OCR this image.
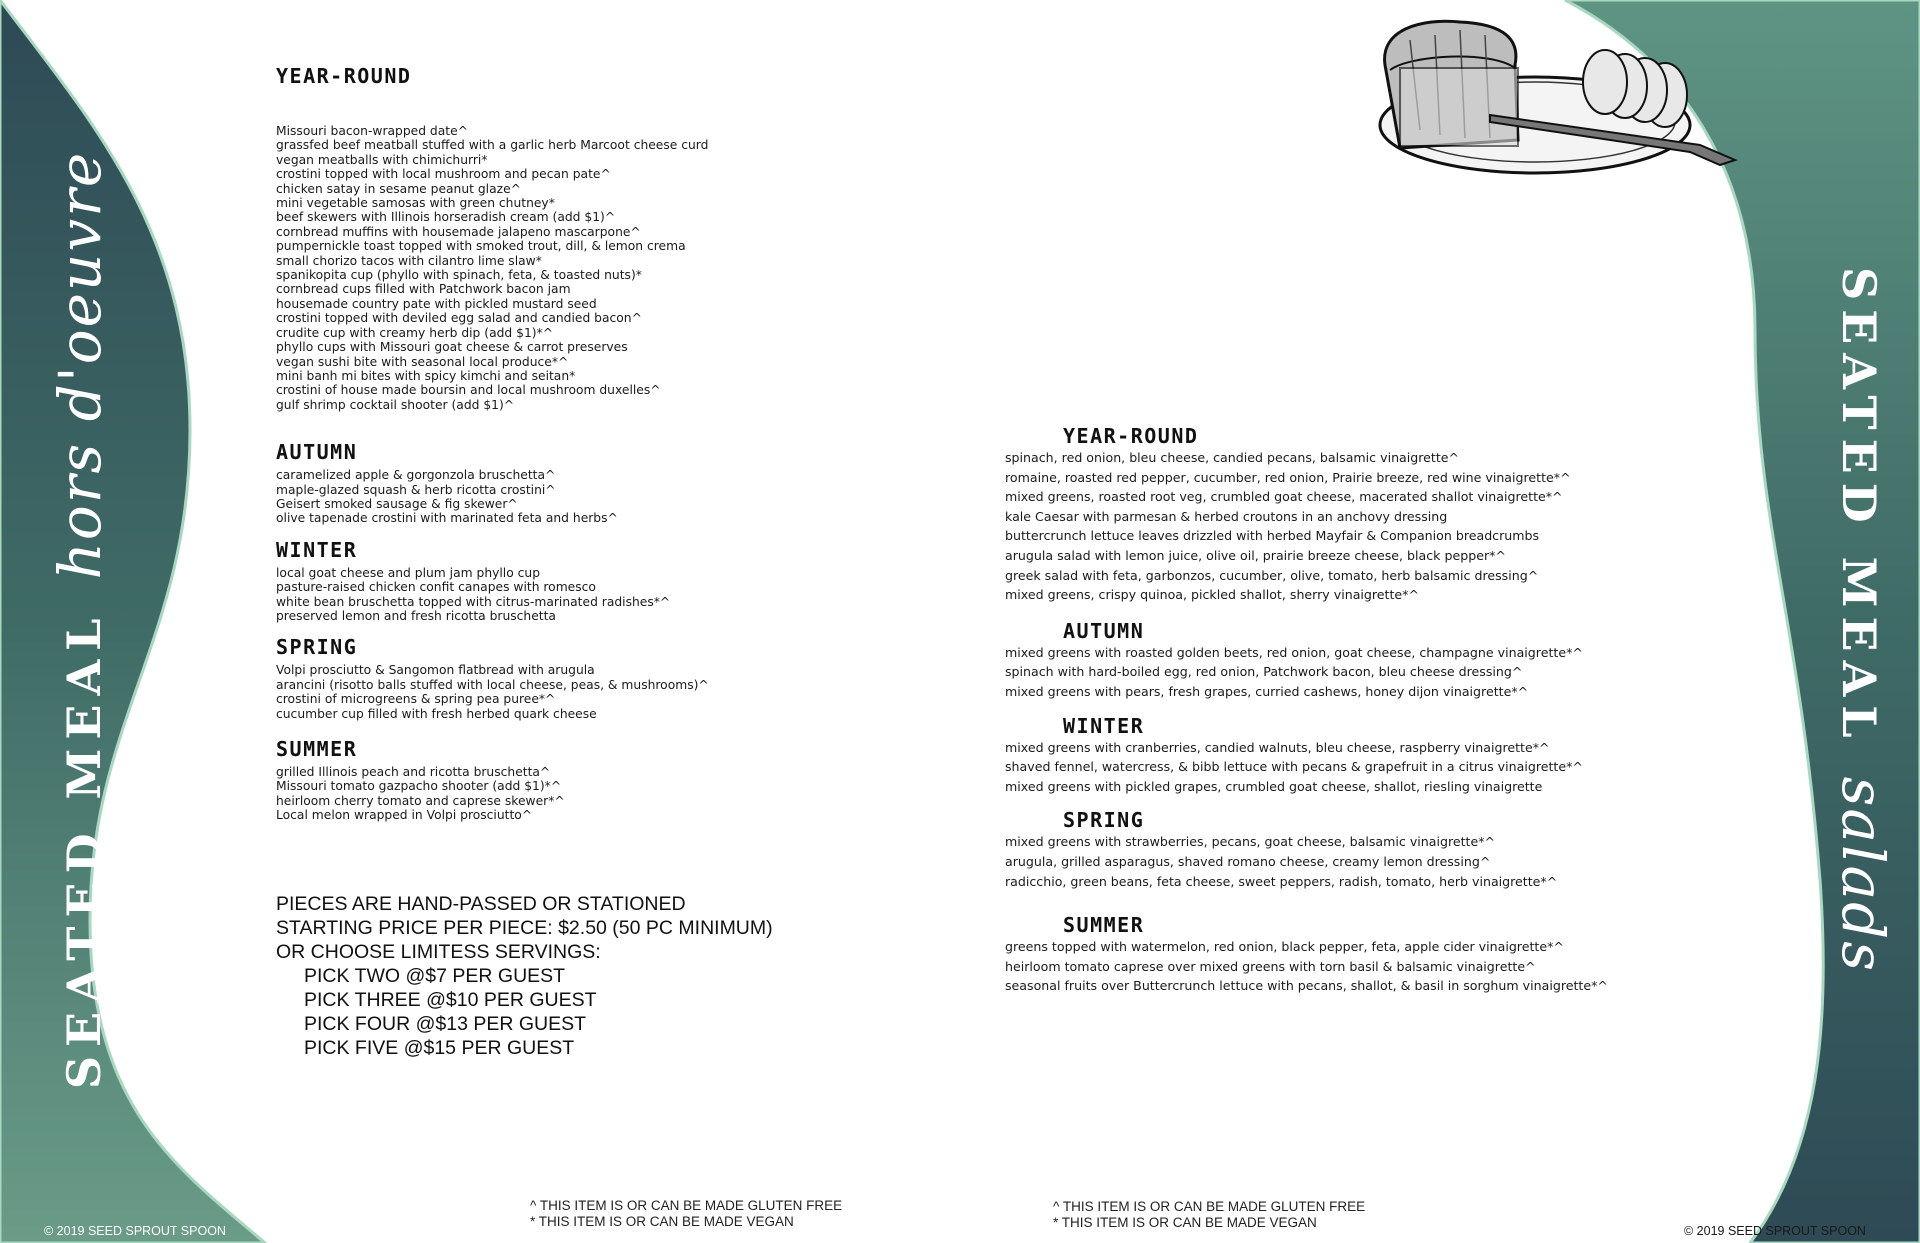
SEATED MEALhors d'oeuvre	SEATED MEALsalads
YEAR-ROUND
Missouri bacon-wrapped date^
grassfed beef meatball stuffed with a garlic herb Marcoot cheese curd
vegan meatballs with chimichurri*
crostini topped with local mushroom and pecan pate^
chicken satay in sesame peanut glaze^
mini vegetable samosas with green chutney*
beef skewers with Illinois horseradish cream (add $1)^
cornbread muffins with housemade jalapeno mascarpone^
pumpernickle toast topped with smoked trout, dill, & lemon crema
small chorizo tacos with cilantro lime slaw*
spanikopita cup (phyllo with spinach, feta, & toasted nuts)*
cornbread cups filled with Patchwork bacon jam
housemade country pate with pickled mustard seed
crostini topped with deviled egg salad and candied bacon^
crudite cup with creamy herb dip (add $1)*^
phyllo cups with Missouri goat cheese & carrot preserves
vegan sushi bite with seasonal local produce*^
mini banh mi bites with spicy kimchi and seitan*
crostini of house made boursin and local mushroom duxelles^
gulf shrimp cocktail shooter (add $1)^
AUTUMN
caramelized apple & gorgonzola bruschetta^
maple-glazed squash & herb ricotta crostini^
Geisert smoked sausage & fig skewer^
olive tapenade crostini with marinated feta and herbs^
WINTER
local goat cheese and plum jam phyllo cup
pasture-raised chicken confit canapes with romesco
white bean bruschetta topped with citrus-marinated radishes*^
preserved lemon and fresh ricotta bruschetta
SPRING
Volpi prosciutto & Sangomon flatbread with arugula
arancini (risotto balls stuffed with local cheese, peas, & mushrooms)^
crostini of microgreens & spring pea puree*^
cucumber cup filled with fresh herbed quark cheese
SUMMER
grilled Illinois peach and ricotta bruschetta^
Missouri tomato gazpacho shooter (add $1)*^
heirloom cherry tomato and caprese skewer*^
Local melon wrapped in Volpi prosciutto^
PIECES ARE HAND-PASSED OR STATIONED
STARTING PRICE PER PIECE: $2.50 (50 PC MINIMUM)
OR CHOOSE LIMITESS SERVINGS:
PICK TWO @$7 PER GUEST
PICK THREE @$10 PER GUEST
PICK FOUR @$13 PER GUEST
PICK FIVE @$15 PER GUEST
^ THIS ITEM IS OR CAN BE MADE GLUTEN FREE
* THIS ITEM IS OR CAN BE MADE VEGAN
YEAR-ROUND
spinach, red onion, bleu cheese, candied pecans, balsamic vinaigrette^
romaine, roasted red pepper, cucumber, red onion, Prairie breeze, red wine vinaigrette*^
mixed greens, roasted root veg, crumbled goat cheese, macerated shallot vinaigrette*^
kale Caesar with parmesan & herbed croutons in an anchovy dressing
buttercrunch lettuce leaves drizzled with herbed Mayfair & Companion breadcrumbs
arugula salad with lemon juice, olive oil, prairie breeze cheese, black pepper*^
greek salad with feta, garbonzos, cucumber, olive, tomato, herb balsamic dressing^
mixed greens, crispy quinoa, pickled shallot, sherry vinaigrette*^
AUTUMN
mixed greens with roasted golden beets, red onion, goat cheese, champagne vinaigrette*^
spinach with hard-boiled egg, red onion, Patchwork bacon, bleu cheese dressing^
mixed greens with pears, fresh grapes, curried cashews, honey dijon vinaigrette*^
WINTER
mixed greens with cranberries, candied walnuts, bleu cheese, raspberry vinaigrette*^
shaved fennel, watercress, & bibb lettuce with pecans & grapefruit in a citrus vinaigrette*^
mixed greens with pickled grapes, crumbled goat cheese, shallot, riesling vinaigrette
SPRING
mixed greens with strawberries, pecans, goat cheese, balsamic vinaigrette*^
arugula, grilled asparagus, shaved romano cheese, creamy lemon dressing^
radicchio, green beans, feta cheese, sweet peppers, radish, tomato, herb vinaigrette*^
SUMMER
greens topped with watermelon, red onion, black pepper, feta, apple cider vinaigrette*^
heirloom tomato caprese over mixed greens with torn basil & balsamic vinaigrette^
seasonal fruits over Buttercrunch lettuce with pecans, shallot, & basil in sorghum vinaigrette*^
^ THIS ITEM IS OR CAN BE MADE GLUTEN FREE
* THIS ITEM IS OR CAN BE MADE VEGAN
© 2019 SEED SPROUT SPOON	© 2019 SEED SPROUT SPOON
